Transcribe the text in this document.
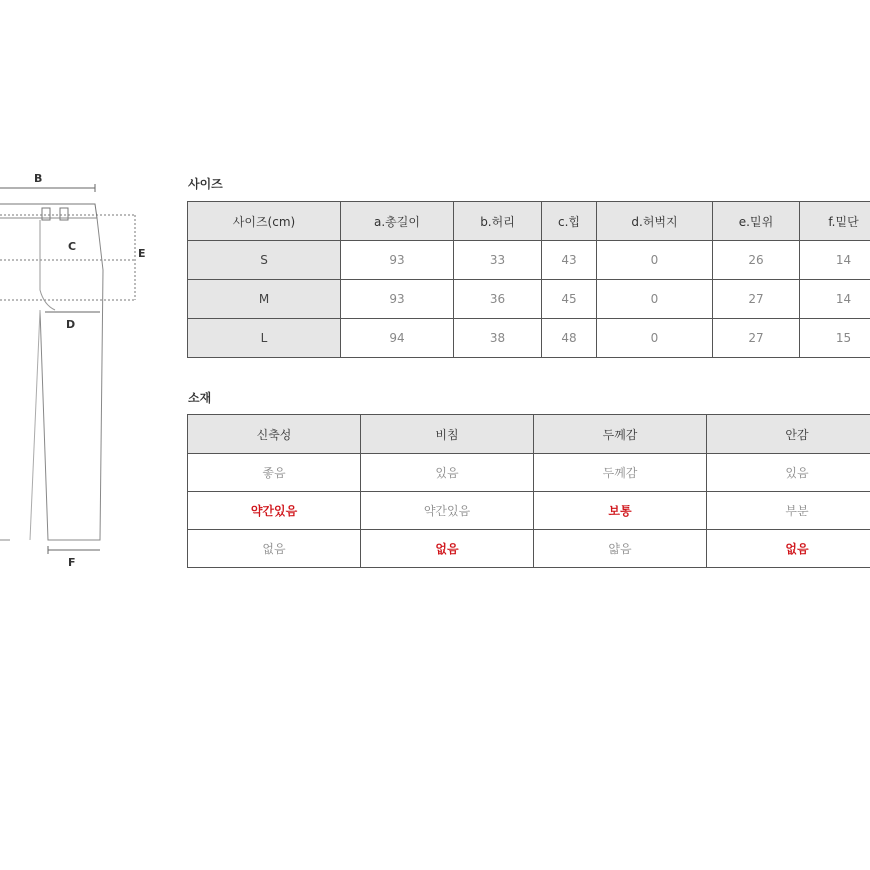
B
C
E
D
F
사이즈
사이즈(cm)	a.총길이	b.허리	c.힙	d.허벅지	e.밑위	f.밑단
S	93	33	43	0	26	14
M	93	36	45	0	27	14
L	94	38	48	0	27	15
소재
신축성	비침	두께감	안감
좋음	있음	두께감	있음
약간있음	약간있음	보통	부분
없음	없음	얇음	없음
